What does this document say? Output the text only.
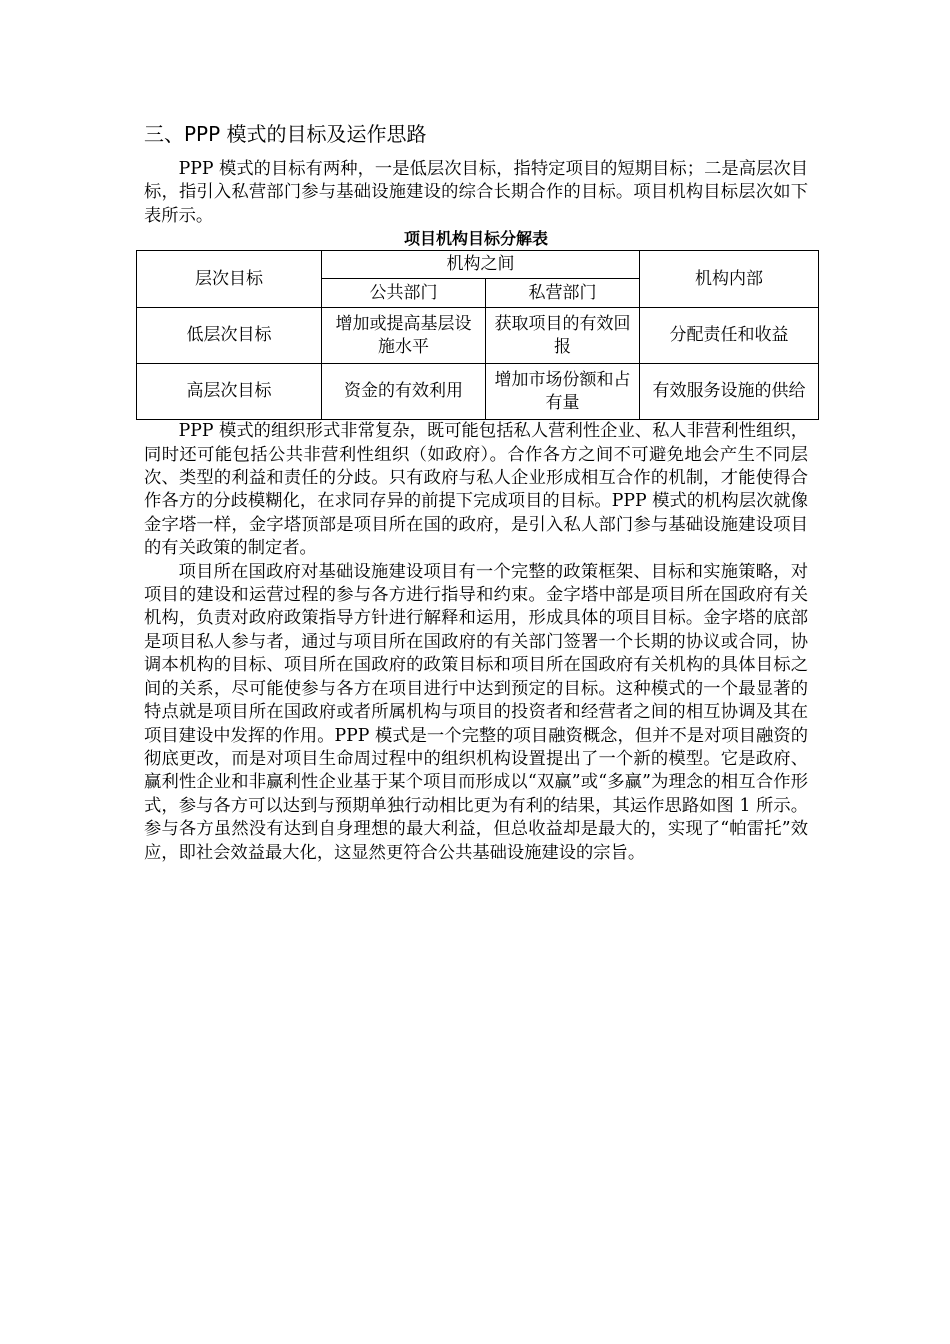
三、PPP 模式的目标及运作思路

PPP 模式的目标有两种，一是低层次目标，指特定项目的短期目标；二是高层次目标，指引入私营部门参与基础设施建设的综合长期合作的目标。项目机构目标层次如下表所示。

项目机构目标分解表

层次目标	机构之间		机构内部
	公共部门	私营部门	
低层次目标	增加或提高基层设施水平	获取项目的有效回报	分配责任和收益
高层次目标	资金的有效利用	增加市场份额和占有量	有效服务设施的供给

PPP 模式的组织形式非常复杂，既可能包括私人营利性企业、私人非营利性组织，同时还可能包括公共非营利性组织（如政府）。合作各方之间不可避免地会产生不同层次、类型的利益和责任的分歧。只有政府与私人企业形成相互合作的机制，才能使得合作各方的分歧模糊化，在求同存异的前提下完成项目的目标。PPP 模式的机构层次就像金字塔一样，金字塔顶部是项目所在国的政府，是引入私人部门参与基础设施建设项目的有关政策的制定者。

项目所在国政府对基础设施建设项目有一个完整的政策框架、目标和实施策略，对项目的建设和运营过程的参与各方进行指导和约束。金字塔中部是项目所在国政府有关机构，负责对政府政策指导方针进行解释和运用，形成具体的项目目标。金字塔的底部是项目私人参与者，通过与项目所在国政府的有关部门签署一个长期的协议或合同，协调本机构的目标、项目所在国政府的政策目标和项目所在国政府有关机构的具体目标之间的关系，尽可能使参与各方在项目进行中达到预定的目标。这种模式的一个最显著的特点就是项目所在国政府或者所属机构与项目的投资者和经营者之间的相互协调及其在项目建设中发挥的作用。PPP 模式是一个完整的项目融资概念，但并不是对项目融资的彻底更改，而是对项目生命周过程中的组织机构设置提出了一个新的模型。它是政府、赢利性企业和非赢利性企业基于某个项目而形成以“双赢”或“多赢”为理念的相互合作形式，参与各方可以达到与预期单独行动相比更为有利的结果，其运作思路如图 1 所示。参与各方虽然没有达到自身理想的最大利益，但总收益却是最大的，实现了“帕雷托”效应，即社会效益最大化，这显然更符合公共基础设施建设的宗旨。
